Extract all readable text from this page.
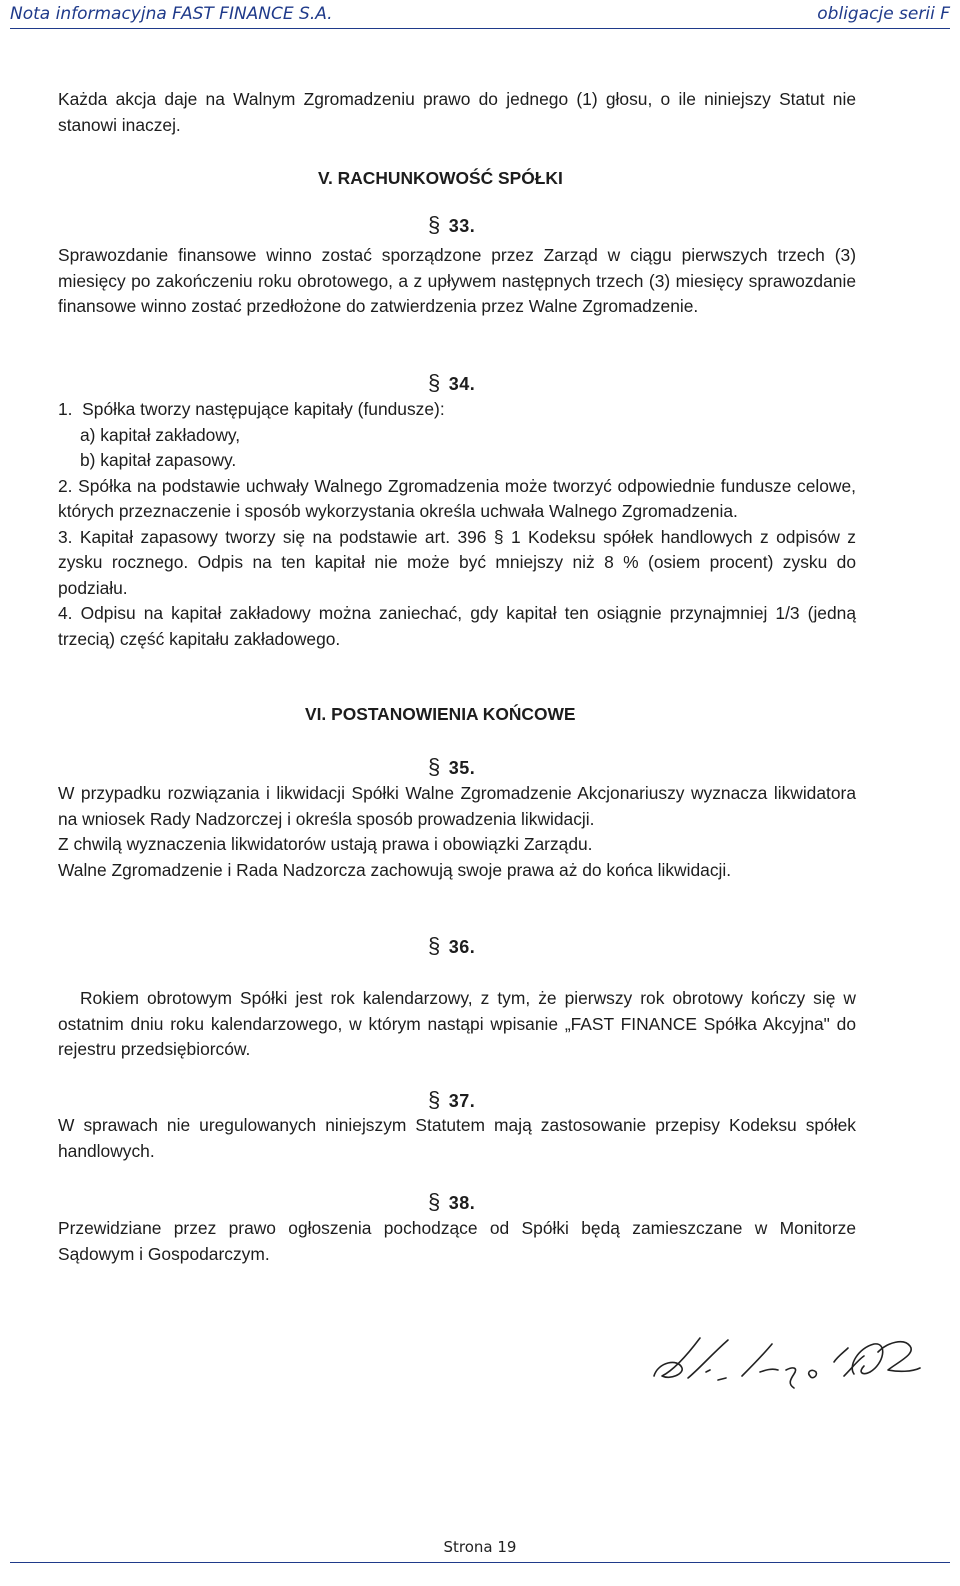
Nota informacyjna FAST FINANCE S.A.	obligacje serii F

Każda akcja daje na Walnym Zgromadzeniu prawo do jednego (1) głosu, o ile niniejszy Statut nie stanowi inaczej.

V. RACHUNKOWOŚĆ SPÓŁKI
§ 33.

Sprawozdanie finansowe winno zostać sporządzone przez Zarząd w ciągu pierwszych trzech (3) miesięcy po zakończeniu roku obrotowego, a z upływem następnych trzech (3) miesięcy sprawozdanie finansowe winno zostać przedłożone do zatwierdzenia przez Walne Zgromadzenie.

§ 34.

1.  Spółka tworzy następujące kapitały (fundusze):

a) kapitał zakładowy,

b) kapitał zapasowy.

2. Spółka na podstawie uchwały Walnego Zgromadzenia może tworzyć odpowiednie fundusze celowe, których przeznaczenie i sposób wykorzystania określa uchwała Walnego Zgromadzenia.

3. Kapitał zapasowy tworzy się na podstawie art. 396 § 1 Kodeksu spółek handlowych z odpisów z zysku rocznego. Odpis na ten kapitał nie może być mniejszy niż 8 % (osiem procent) zysku do podziału.

4. Odpisu na kapitał zakładowy można zaniechać, gdy kapitał ten osiągnie przynajmniej 1/3 (jedną trzecią) część kapitału zakładowego.

VI. POSTANOWIENIA KOŃCOWE
§ 35.

W przypadku rozwiązania i likwidacji Spółki Walne Zgromadzenie Akcjonariuszy wyznacza likwidatora na wniosek Rady Nadzorczej i określa sposób prowadzenia likwidacji.

Z chwilą wyznaczenia likwidatorów ustają prawa i obowiązki Zarządu.

Walne Zgromadzenie i Rada Nadzorcza zachowują swoje prawa aż do końca likwidacji.

§ 36.

Rokiem obrotowym Spółki jest rok kalendarzowy, z tym, że pierwszy rok obrotowy kończy się w ostatnim dniu roku kalendarzowego, w którym nastąpi wpisanie „FAST FINANCE Spółka Akcyjna" do rejestru przedsiębiorców.

§ 37.

W sprawach nie uregulowanych niniejszym Statutem mają zastosowanie przepisy Kodeksu spółek handlowych.

§ 38.

Przewidziane przez prawo ogłoszenia pochodzące od Spółki będą zamieszczane w Monitorze Sądowym i Gospodarczym.

Strona 19
